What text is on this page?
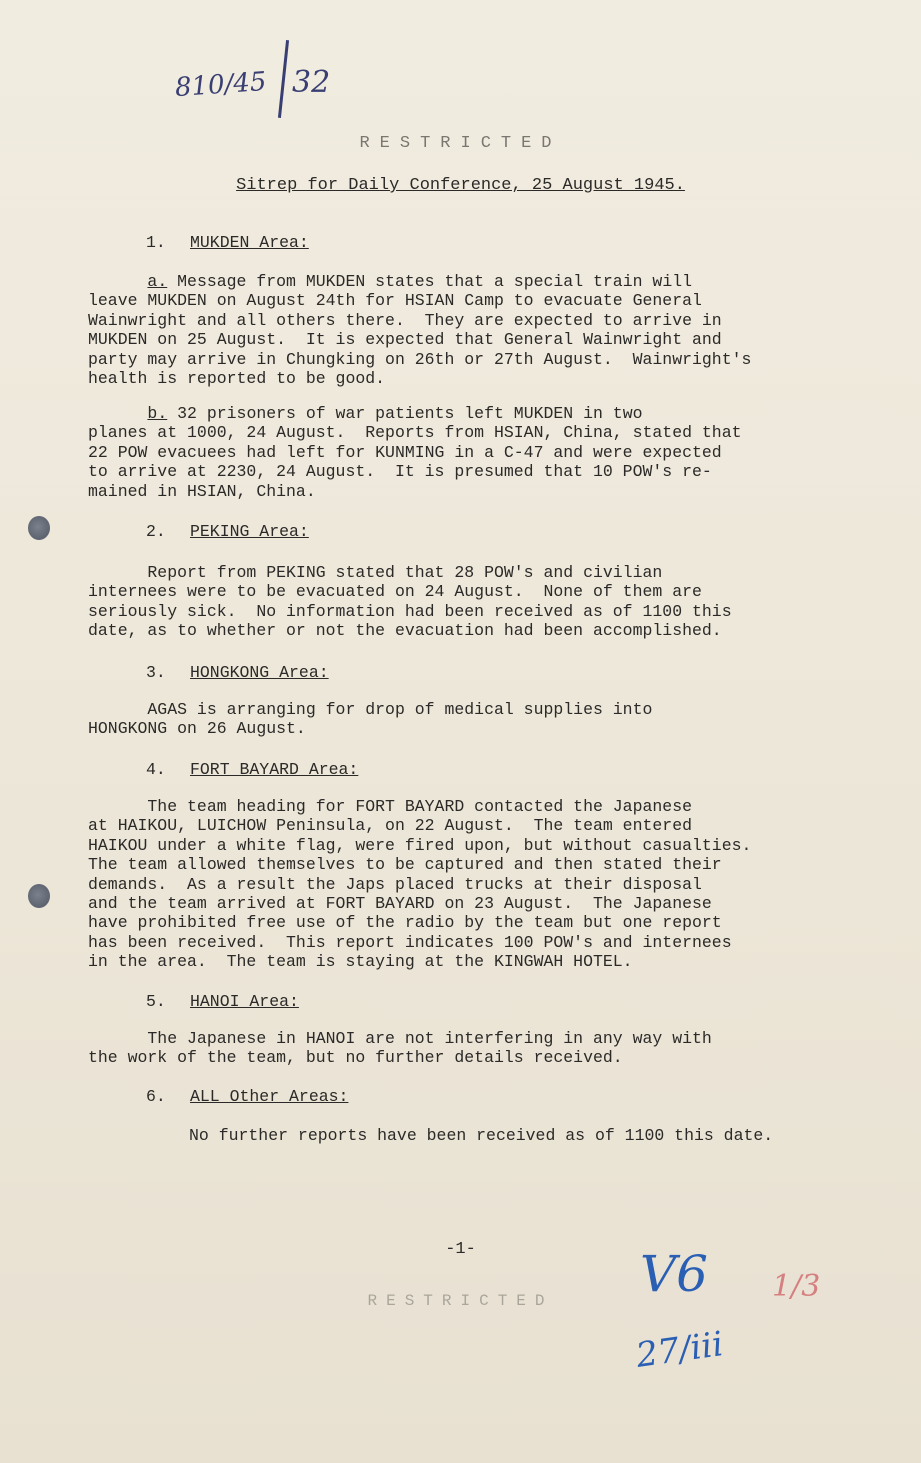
810/45 32
RESTRICTED
Sitrep for Daily Conference, 25 August 1945.
1. MUKDEN Area:
a. Message from MUKDEN states that a special train will
leave MUKDEN on August 24th for HSIAN Camp to evacuate General
Wainwright and all others there.  They are expected to arrive in
MUKDEN on 25 August.  It is expected that General Wainwright and
party may arrive in Chungking on 26th or 27th August.  Wainwright's
health is reported to be good.
b. 32 prisoners of war patients left MUKDEN in two
planes at 1000, 24 August.  Reports from HSIAN, China, stated that
22 POW evacuees had left for KUNMING in a C-47 and were expected
to arrive at 2230, 24 August.  It is presumed that 10 POW's re-
mained in HSIAN, China.
2. PEKING Area:
Report from PEKING stated that 28 POW's and civilian
internees were to be evacuated on 24 August.  None of them are
seriously sick.  No information had been received as of 1100 this
date, as to whether or not the evacuation had been accomplished.
3. HONGKONG Area:
AGAS is arranging for drop of medical supplies into
HONGKONG on 26 August.
4. FORT BAYARD Area:
The team heading for FORT BAYARD contacted the Japanese
at HAIKOU, LUICHOW Peninsula, on 22 August.  The team entered
HAIKOU under a white flag, were fired upon, but without casualties.
The team allowed themselves to be captured and then stated their
demands.  As a result the Japs placed trucks at their disposal
and the team arrived at FORT BAYARD on 23 August.  The Japanese
have prohibited free use of the radio by the team but one report
has been received.  This report indicates 100 POW's and internees
in the area.  The team is staying at the KINGWAH HOTEL.
5. HANOI Area:
The Japanese in HANOI are not interfering in any way with
the work of the team, but no further details received.
6. ALL Other Areas:
No further reports have been received as of 1100 this date.
-1-
RESTRICTED	V6
27/iii
1/3
